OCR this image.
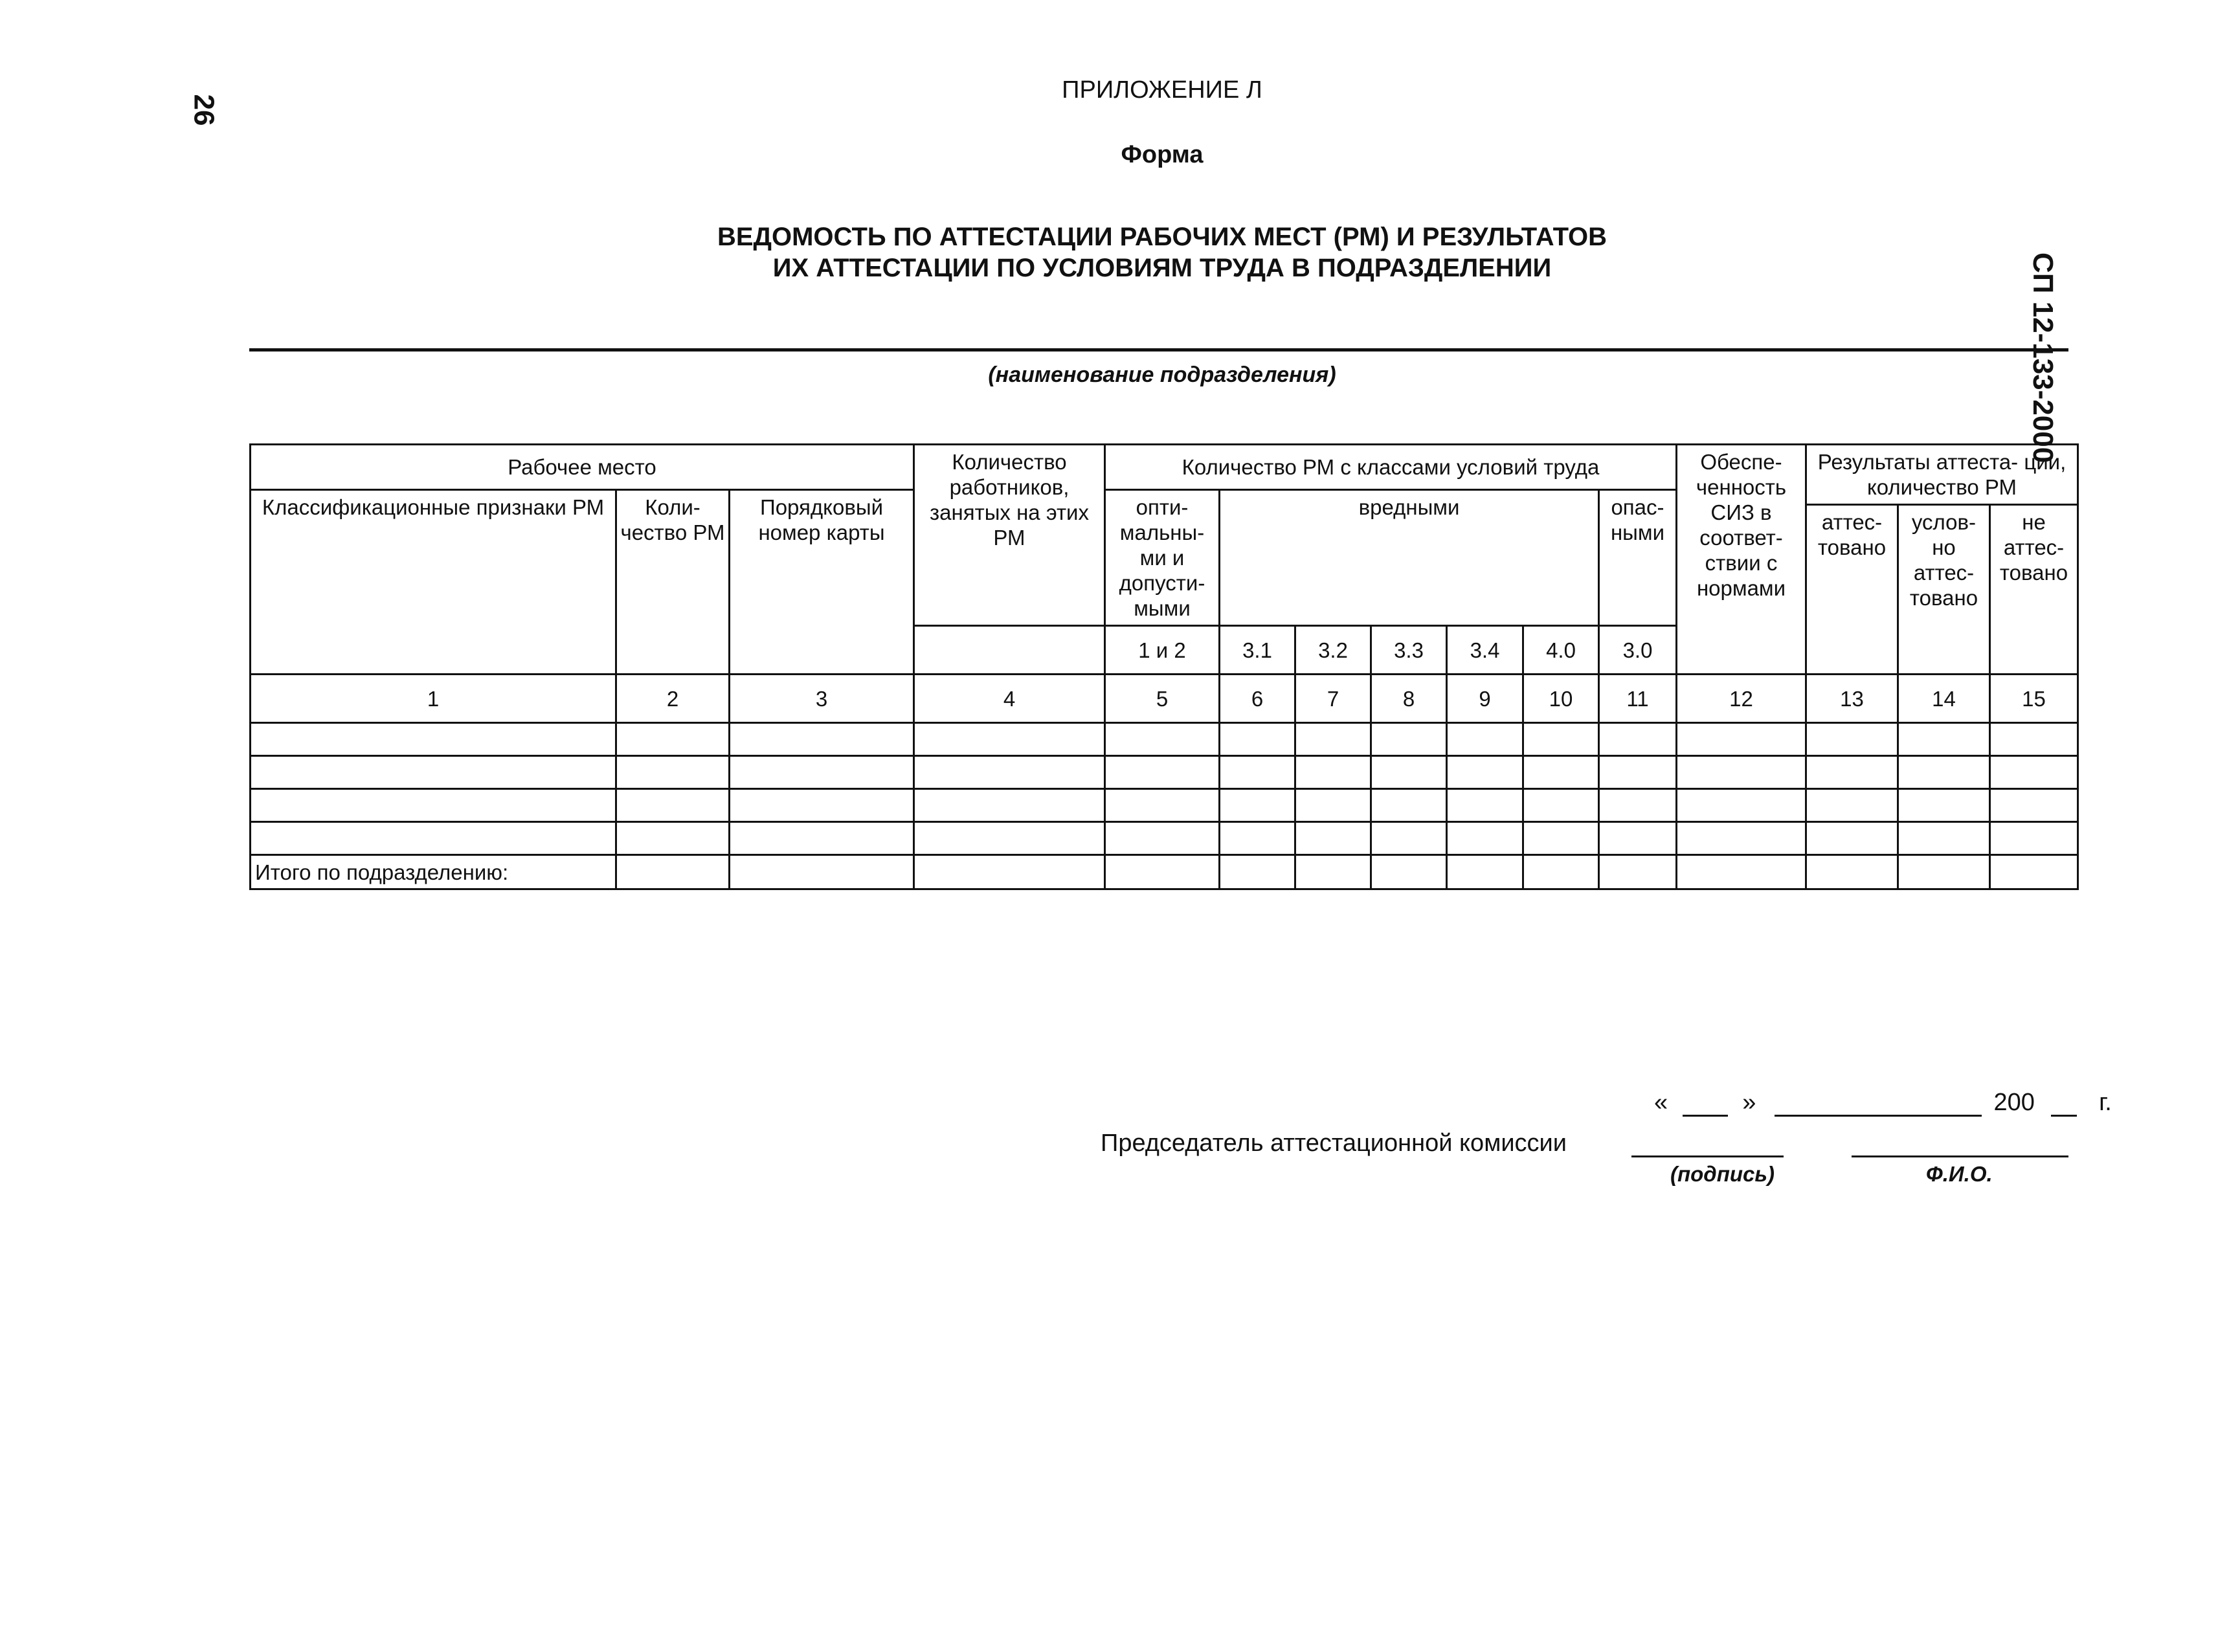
26
СП 12-133-2000
ПРИЛОЖЕНИЕ Л
Форма
ВЕДОМОСТЬ ПО АТТЕСТАЦИИ РАБОЧИХ МЕСТ (РМ) И РЕЗУЛЬТАТОВ
ИХ АТТЕСТАЦИИ ПО УСЛОВИЯМ ТРУДА В ПОДРАЗДЕЛЕНИИ
(наименование подразделения)
Рабочее место			Количество работников, занятых на этих РМ	Количество РМ с классами условий труда							Обеспе- ченность СИЗ в соответ- ствии с нормами	Результаты аттеста- ции, количество РМ		
Классификационные признаки РМ	Коли- чество РМ	Порядковый номер карты		опти- мальны- ми и допусти- мыми	вредными					опас- ными				
												аттес- товано	услов- но аттес- товано	не аттес- товано
				1 и 2	3.1	3.2	3.3	3.4	4.0	3.0				
1	2	3	4	5	6	7	8	9	10	11	12	13	14	15

Итого по подразделению:														
«	»	200	г.
Председатель аттестационной комиссии
(подпись)	Ф.И.О.
